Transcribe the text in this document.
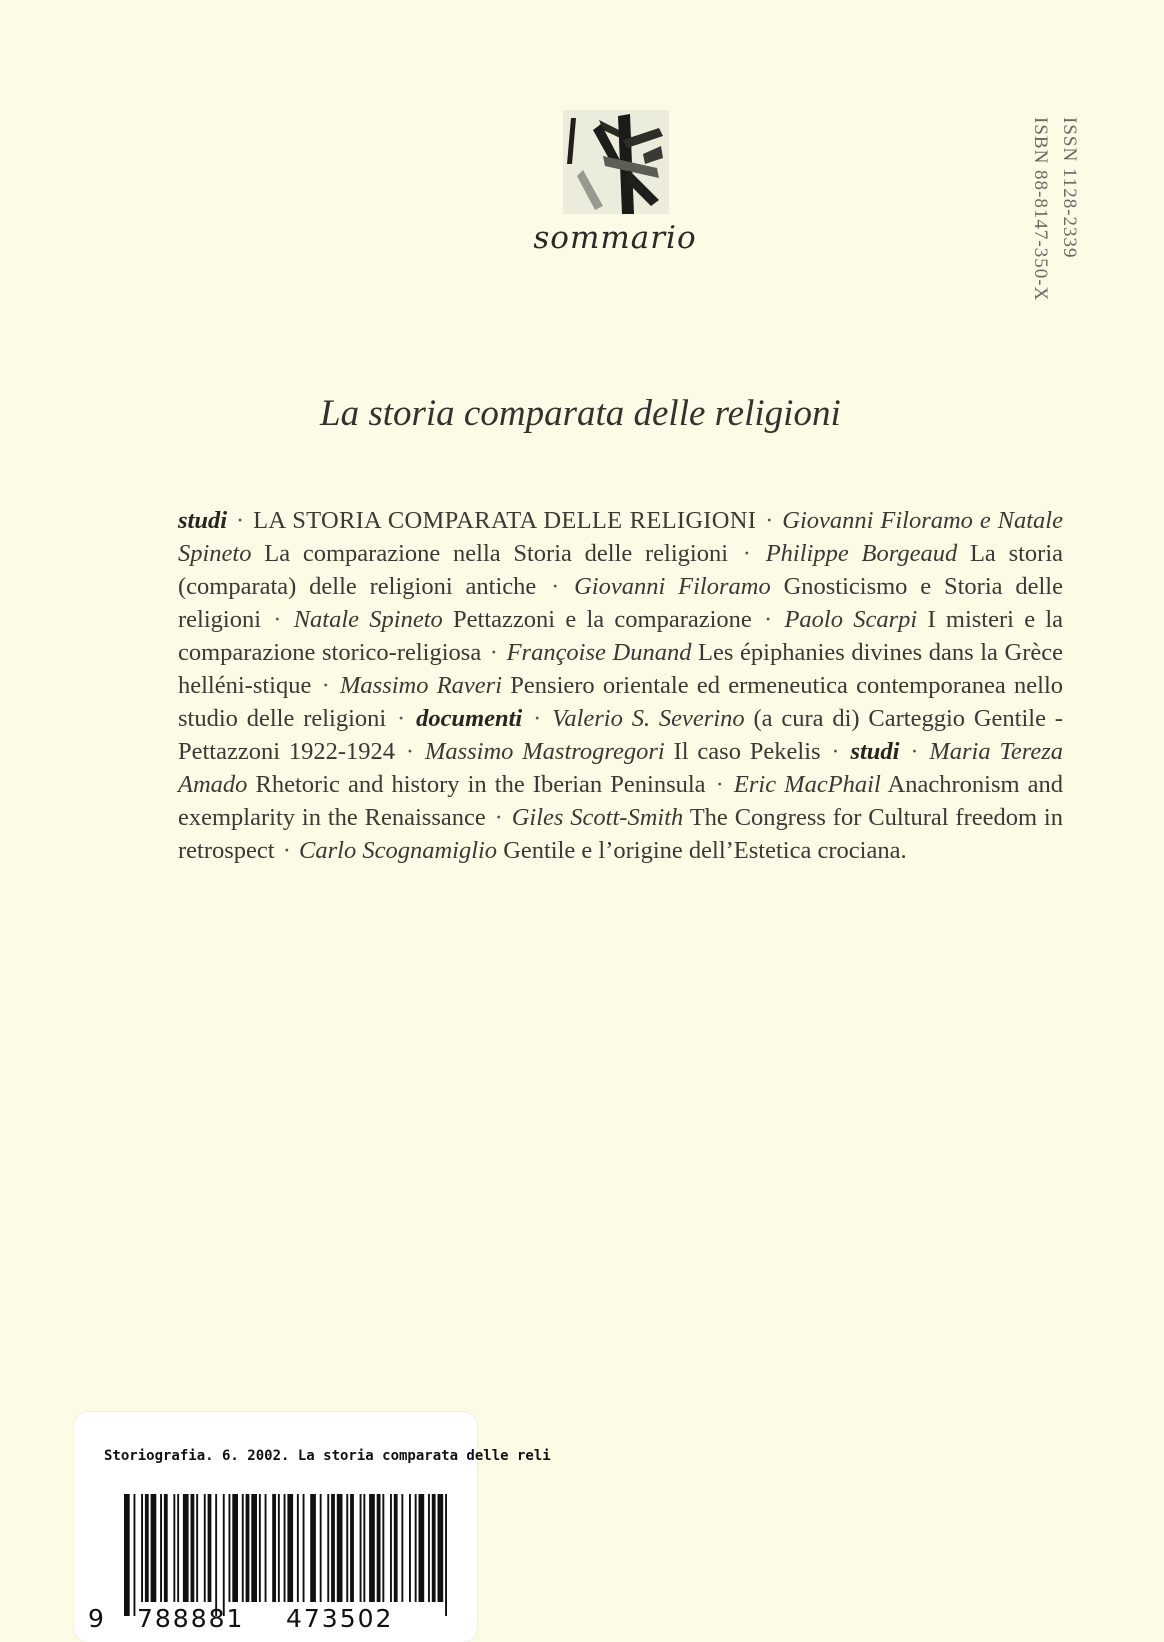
sommario	ISSN 1128-2339
ISBN 88-8147-350-X
La storia comparata delle religioni
studi · LA STORIA COMPARATA DELLE RELIGIONI · Giovanni Filoramo e Natale Spineto La comparazione nella Storia delle religioni · Philippe Borgeaud La storia (comparata) delle religioni antiche · Giovanni Filoramo Gnosticismo e Storia delle religioni · Natale Spineto Pettazzoni e la comparazione · Paolo Scarpi I misteri e la comparazione storico-religiosa · Françoise Dunand Les épiphanies divines dans la Grèce helléni-stique · Massimo Raveri Pensiero orientale ed ermeneutica contemporanea nello studio delle religioni · documenti · Valerio S. Severino (a cura di) Carteggio Gentile - Pettazzoni 1922-1924 · Massimo Mastrogregori Il caso Pekelis · studi · Maria Tereza Amado Rhetoric and history in the Iberian Peninsula · Eric MacPhail Anachronism and exemplarity in the Renaissance · Giles Scott-Smith The Congress for Cultural freedom in retrospect · Carlo Scognamiglio Gentile e l’origine dell’Estetica crociana.
Storiografia. 6. 2002. La storia comparata delle reli
9 788881 473502
